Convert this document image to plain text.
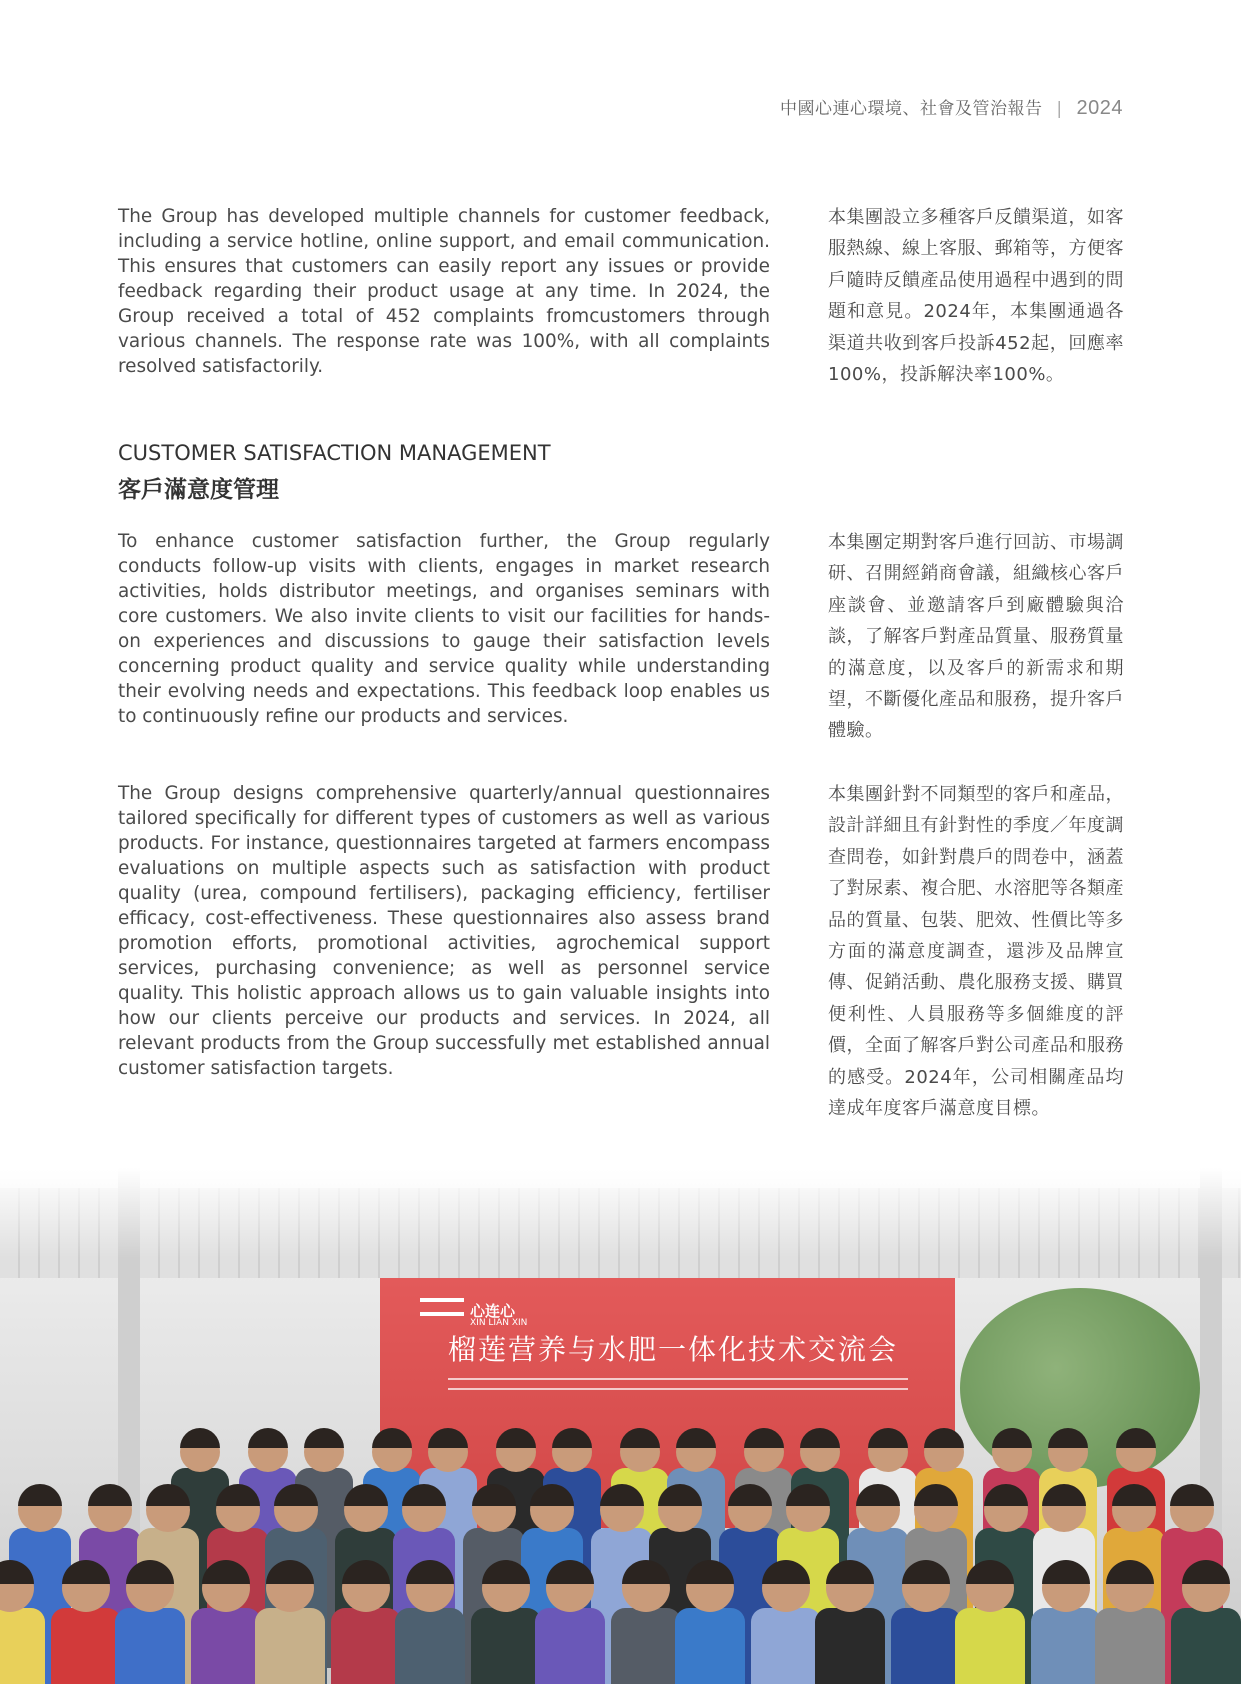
中國心連心環境、社會及管治報告 | 2024

The Group has developed multiple channels for customer feedback, including a service hotline, online support, and email communication. This ensures that customers can easily report any issues or provide feedback regarding their product usage at any time. In 2024, the Group received a total of 452 complaints fromcustomers through various channels. The response rate was 100%, with all complaints resolved satisfactorily.

本集團設立多種客戶反饋渠道，如客服熱線、線上客服、郵箱等，方便客戶隨時反饋產品使用過程中遇到的問題和意見。2024年，本集團通過各渠道共收到客戶投訴452起，回應率100%，投訴解決率100%。

CUSTOMER SATISFACTION MANAGEMENT
客戶滿意度管理

To enhance customer satisfaction further, the Group regularly conducts follow-up visits with clients, engages in market research activities, holds distributor meetings, and organises seminars with core customers. We also invite clients to visit our facilities for hands-on experiences and discussions to gauge their satisfaction levels concerning product quality and service quality while understanding their evolving needs and expectations. This feedback loop enables us to continuously refine our products and services.

本集團定期對客戶進行回訪、市場調研、召開經銷商會議，組織核心客戶座談會、並邀請客戶到廠體驗與洽談，了解客戶對產品質量、服務質量的滿意度，以及客戶的新需求和期望，不斷優化產品和服務，提升客戶體驗。

The Group designs comprehensive quarterly/annual questionnaires tailored specifically for different types of customers as well as various products. For instance, questionnaires targeted at farmers encompass evaluations on multiple aspects such as satisfaction with product quality (urea, compound fertilisers), packaging efficiency, fertiliser efficacy, cost-effectiveness. These questionnaires also assess brand promotion efforts, promotional activities, agrochemical support services, purchasing convenience; as well as personnel service quality. This holistic approach allows us to gain valuable insights into how our clients perceive our products and services. In 2024, all relevant products from the Group successfully met established annual customer satisfaction targets.

本集團針對不同類型的客戶和產品，設計詳細且有針對性的季度／年度調查問卷，如針對農戶的問卷中，涵蓋了對尿素、複合肥、水溶肥等各類產品的質量、包裝、肥效、性價比等多方面的滿意度調查，還涉及品牌宣傳、促銷活動、農化服務支援、購買便利性、人員服務等多個維度的評價，全面了解客戶對公司產品和服務的感受。2024年，公司相關產品均達成年度客戶滿意度目標。

心连心
XIN LIAN XIN
榴莲营养与水肥一体化技术交流会
